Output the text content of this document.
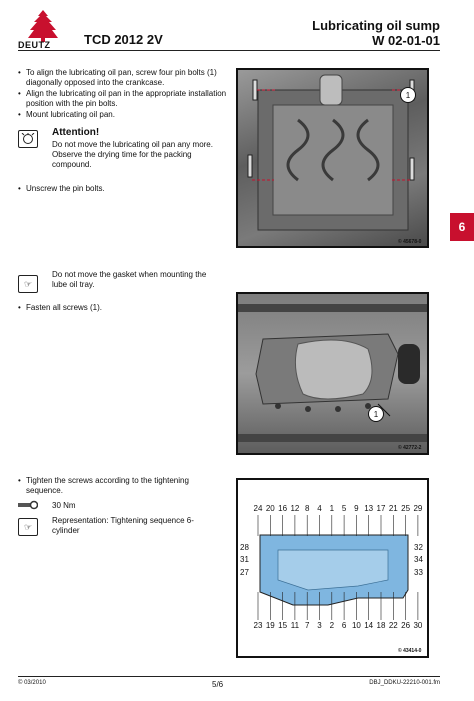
DEUTZ	TCD 2012 2V
Lubricating oil sump
W 02-01-01
• To align the lubricating oil pan, screw four pin bolts (1) diagonally opposed into the crankcase.
• Align the lubricating oil pan in the appropriate installation position with the pin bolts.
• Mount lubricating oil pan.
Attention!
Do not move the lubricating oil pan any more.
Observe the drying time for the packing compound.
• Unscrew the pin bolts.
1
© 45678-0
6
☞
Do not move the gasket when mounting the lube oil tray.
• Fasten all screws (1).
1
© 42772-2
• Tighten the screws according to the tightening sequence.
30 Nm
☞
Representation: Tightening sequence 6-cylinder
24 20 16 12 8 4 1 5 9 13 17 21 25 29
23 19 15 11 7 3 2 6 10 14 18 22 26 30
28
31
27
32
34
33
© 43414-0
© 03/2010	5/6	DBJ_DDKU-22210-001.fm
